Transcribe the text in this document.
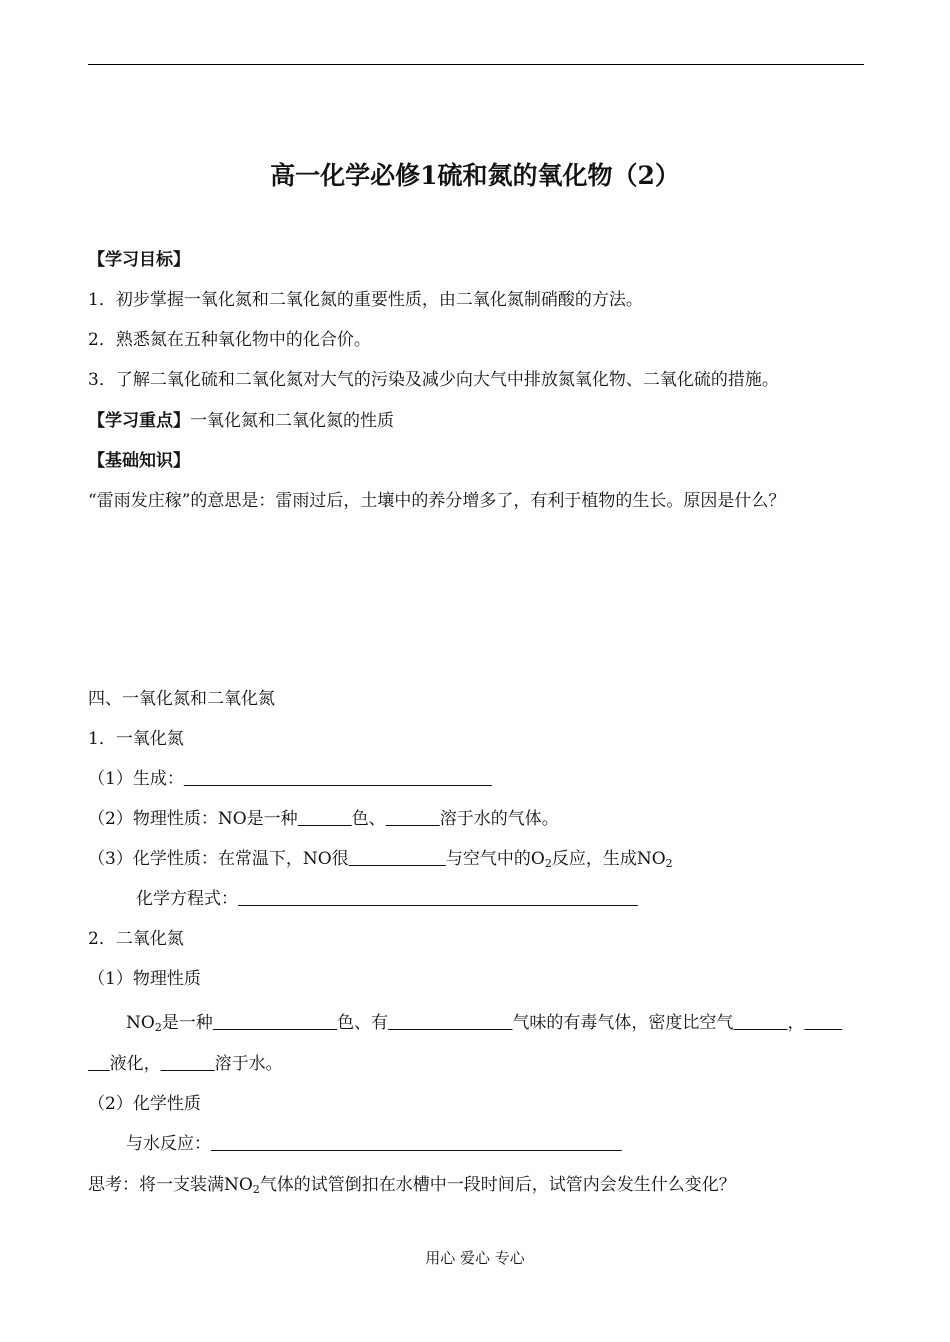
高一化学必修1硫和氮的氧化物（2）
【学习目标】
1．初步掌握一氧化氮和二氧化氮的重要性质，由二氧化氮制硝酸的方法。
2．熟悉氮在五种氧化物中的化合价。
3．了解二氧化硫和二氧化氮对大气的污染及减少向大气中排放氮氧化物、二氧化硫的措施。
【学习重点】一氧化氮和二氧化氮的性质
【基础知识】
“雷雨发庄稼”的意思是：雷雨过后，土壤中的养分增多了，有利于植物的生长。原因是什么？
四、一氧化氮和二氧化氮
1．一氧化氮
（1）生成：
（2）物理性质：NO是一种	色、	溶于水的气体。
（3）化学性质：在常温下，NO很	与空气中的$O_2$反应，生成$NO_2$
化学方程式：
2．二氧化氮
（1）物理性质
$NO_2$是一种	色、有	气味的有毒气体，密度比空气	，
液化，	溶于水。
（2）化学性质
与水反应：
思考：将一支装满$NO_2$气体的试管倒扣在水槽中一段时间后，试管内会发生什么变化？
用心 爱心 专心
